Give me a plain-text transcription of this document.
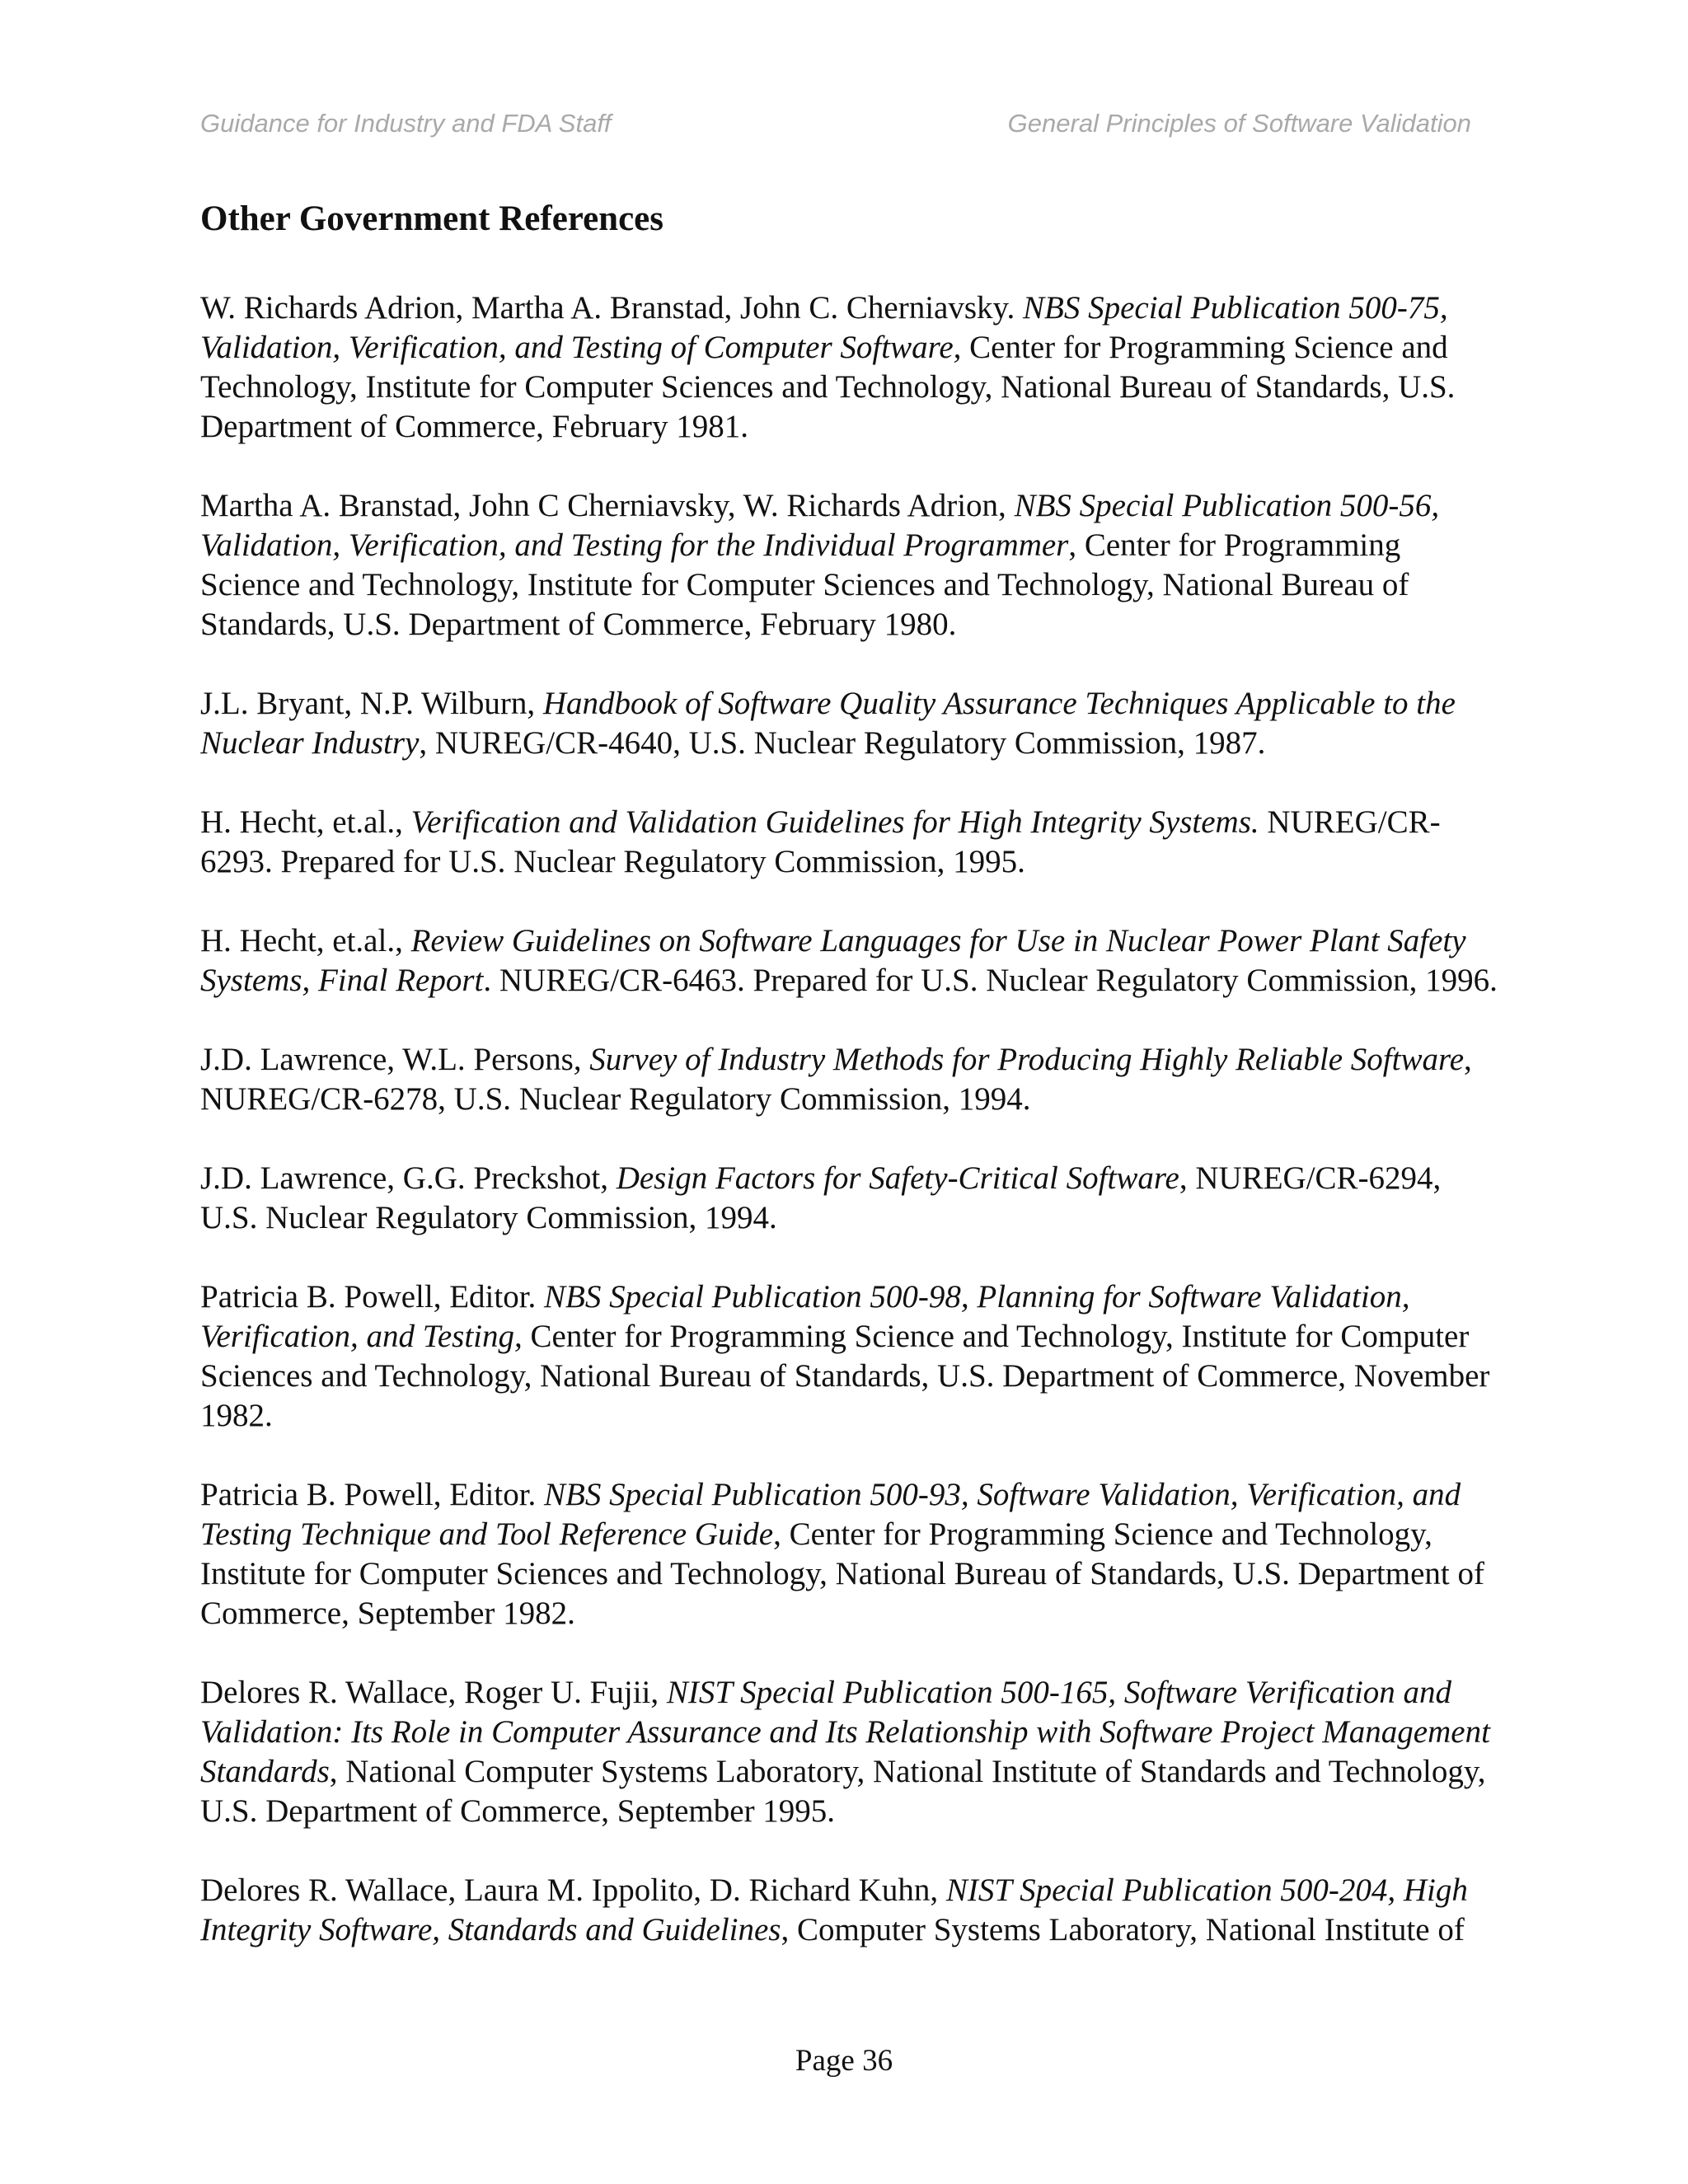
Guidance for Industry and FDA Staff	General Principles of Software Validation
Other Government References

W. Richards Adrion, Martha A. Branstad, John C. Cherniavsky. NBS Special Publication 500-75, Validation, Verification, and Testing of Computer Software, Center for Programming Science and Technology, Institute for Computer Sciences and Technology, National Bureau of Standards, U.S. Department of Commerce, February 1981.

Martha A. Branstad, John C Cherniavsky, W. Richards Adrion, NBS Special Publication 500-56, Validation, Verification, and Testing for the Individual Programmer, Center for Programming Science and Technology, Institute for Computer Sciences and Technology, National Bureau of Standards, U.S. Department of Commerce, February 1980.

J.L. Bryant, N.P. Wilburn, Handbook of Software Quality Assurance Techniques Applicable to the Nuclear Industry, NUREG/CR-4640, U.S. Nuclear Regulatory Commission, 1987.

H. Hecht, et.al., Verification and Validation Guidelines for High Integrity Systems. NUREG/CR-6293. Prepared for U.S. Nuclear Regulatory Commission, 1995.

H. Hecht, et.al., Review Guidelines on Software Languages for Use in Nuclear Power Plant Safety Systems, Final Report. NUREG/CR-6463. Prepared for U.S. Nuclear Regulatory Commission, 1996.

J.D. Lawrence, W.L. Persons, Survey of Industry Methods for Producing Highly Reliable Software, NUREG/CR-6278, U.S. Nuclear Regulatory Commission, 1994.

J.D. Lawrence, G.G. Preckshot, Design Factors for Safety-Critical Software, NUREG/CR-6294, U.S. Nuclear Regulatory Commission, 1994.

Patricia B. Powell, Editor. NBS Special Publication 500-98, Planning for Software Validation, Verification, and Testing, Center for Programming Science and Technology, Institute for Computer Sciences and Technology, National Bureau of Standards, U.S. Department of Commerce, November 1982.

Patricia B. Powell, Editor. NBS Special Publication 500-93, Software Validation, Verification, and Testing Technique and Tool Reference Guide, Center for Programming Science and Technology, Institute for Computer Sciences and Technology, National Bureau of Standards, U.S. Department of Commerce, September 1982.

Delores R. Wallace, Roger U. Fujii, NIST Special Publication 500-165, Software Verification and Validation: Its Role in Computer Assurance and Its Relationship with Software Project Management Standards, National Computer Systems Laboratory, National Institute of Standards and Technology, U.S. Department of Commerce, September 1995.

Delores R. Wallace, Laura M. Ippolito, D. Richard Kuhn, NIST Special Publication 500-204, High Integrity Software, Standards and Guidelines, Computer Systems Laboratory, National Institute of

Page 36
